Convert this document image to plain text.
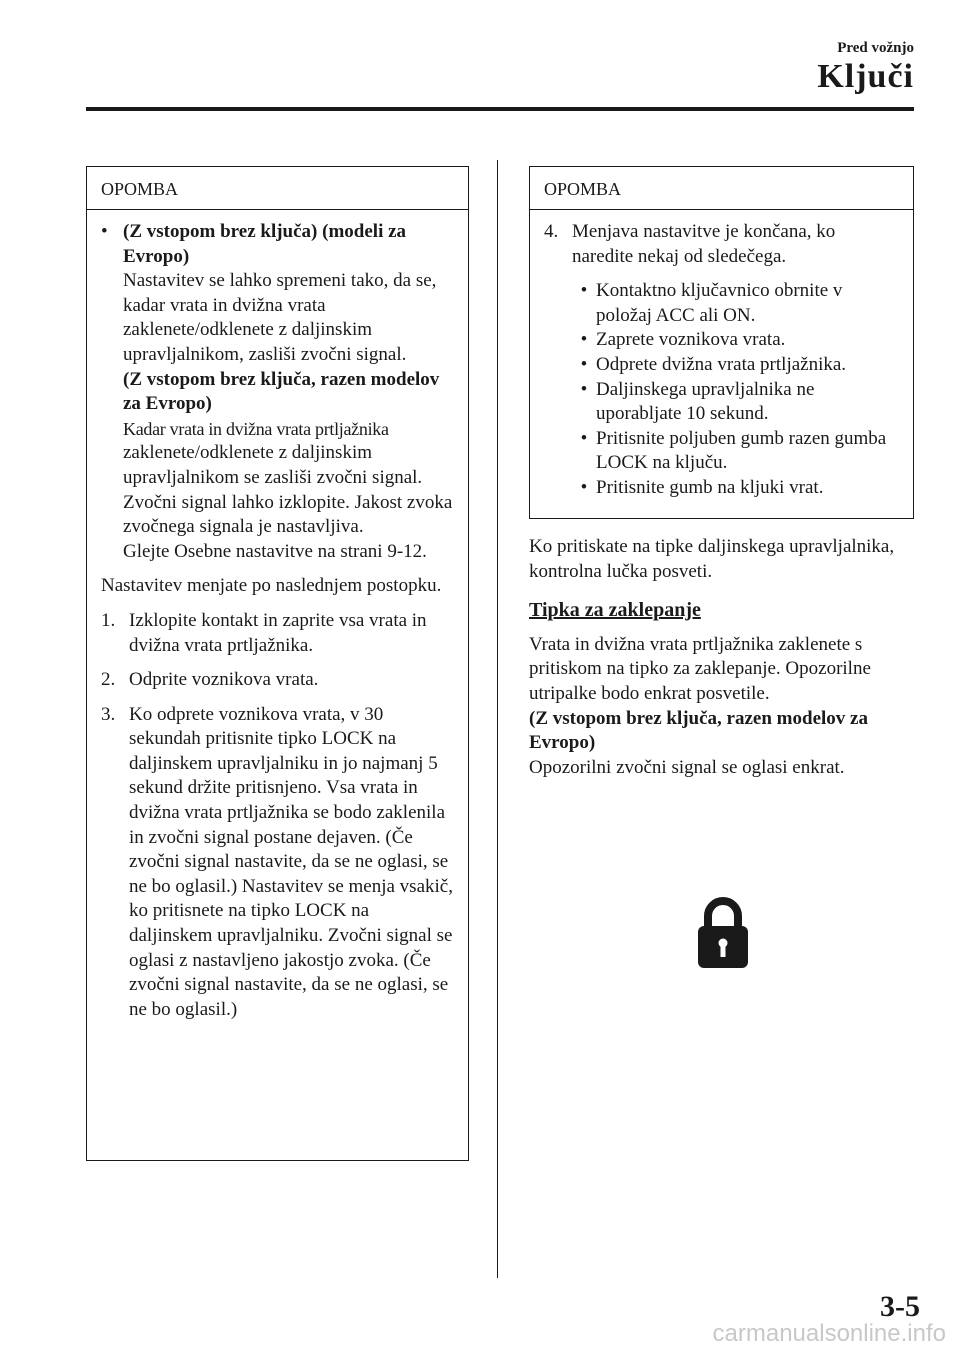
Pred vožnjo
Ključi
OPOMBA
• (Z vstopom brez ključa) (modeli za Evropo)
Nastavitev se lahko spremeni tako, da se, kadar vrata in dvižna vrata zaklenete/odklenete z daljinskim upravljalnikom, zasliši zvočni signal.
(Z vstopom brez ključa, razen modelov za Evropo)
Kadar vrata in dvižna vrata prtljažnika
zaklenete/odklenete z daljinskim upravljalnikom se zasliši zvočni signal. Zvočni signal lahko izklopite. Jakost zvoka zvočnega signala je nastavljiva.
Glejte Osebne nastavitve na strani 9-12.

Nastavitev menjate po naslednjem postopku.

1. Izklopite kontakt in zaprite vsa vrata in dvižna vrata prtljažnika.
2. Odprite voznikova vrata.
3. Ko odprete voznikova vrata, v 30 sekundah pritisnite tipko LOCK na daljinskem upravljalniku in jo najmanj 5 sekund držite pritisnjeno. Vsa vrata in dvižna vrata prtljažnika se bodo zaklenila in zvočni signal postane dejaven. (Če zvočni signal nastavite, da se ne oglasi, se ne bo oglasil.) Nastavitev se menja vsakič, ko pritisnete na tipko LOCK na daljinskem upravljalniku. Zvočni signal se oglasi z nastavljeno jakostjo zvoka. (Če zvočni signal nastavite, da se ne oglasi, se ne bo oglasil.)
OPOMBA
4. Menjava nastavitve je končana, ko naredite nekaj od sledečega.
• Kontaktno ključavnico obrnite v položaj ACC ali ON.
• Zaprete voznikova vrata.
• Odprete dvižna vrata prtljažnika.
• Daljinskega upravljalnika ne uporabljate 10 sekund.
• Pritisnite poljuben gumb razen gumba LOCK na ključu.
• Pritisnite gumb na kljuki vrat.

Ko pritiskate na tipke daljinskega upravljalnika, kontrolna lučka posveti.

Tipka za zaklepanje

Vrata in dvižna vrata prtljažnika zaklenete s pritiskom na tipko za zaklepanje. Opozorilne utripalke bodo enkrat posvetile.

(Z vstopom brez ključa, razen modelov za Evropo)

Opozorilni zvočni signal se oglasi enkrat.

3-5
carmanualsonline.info
